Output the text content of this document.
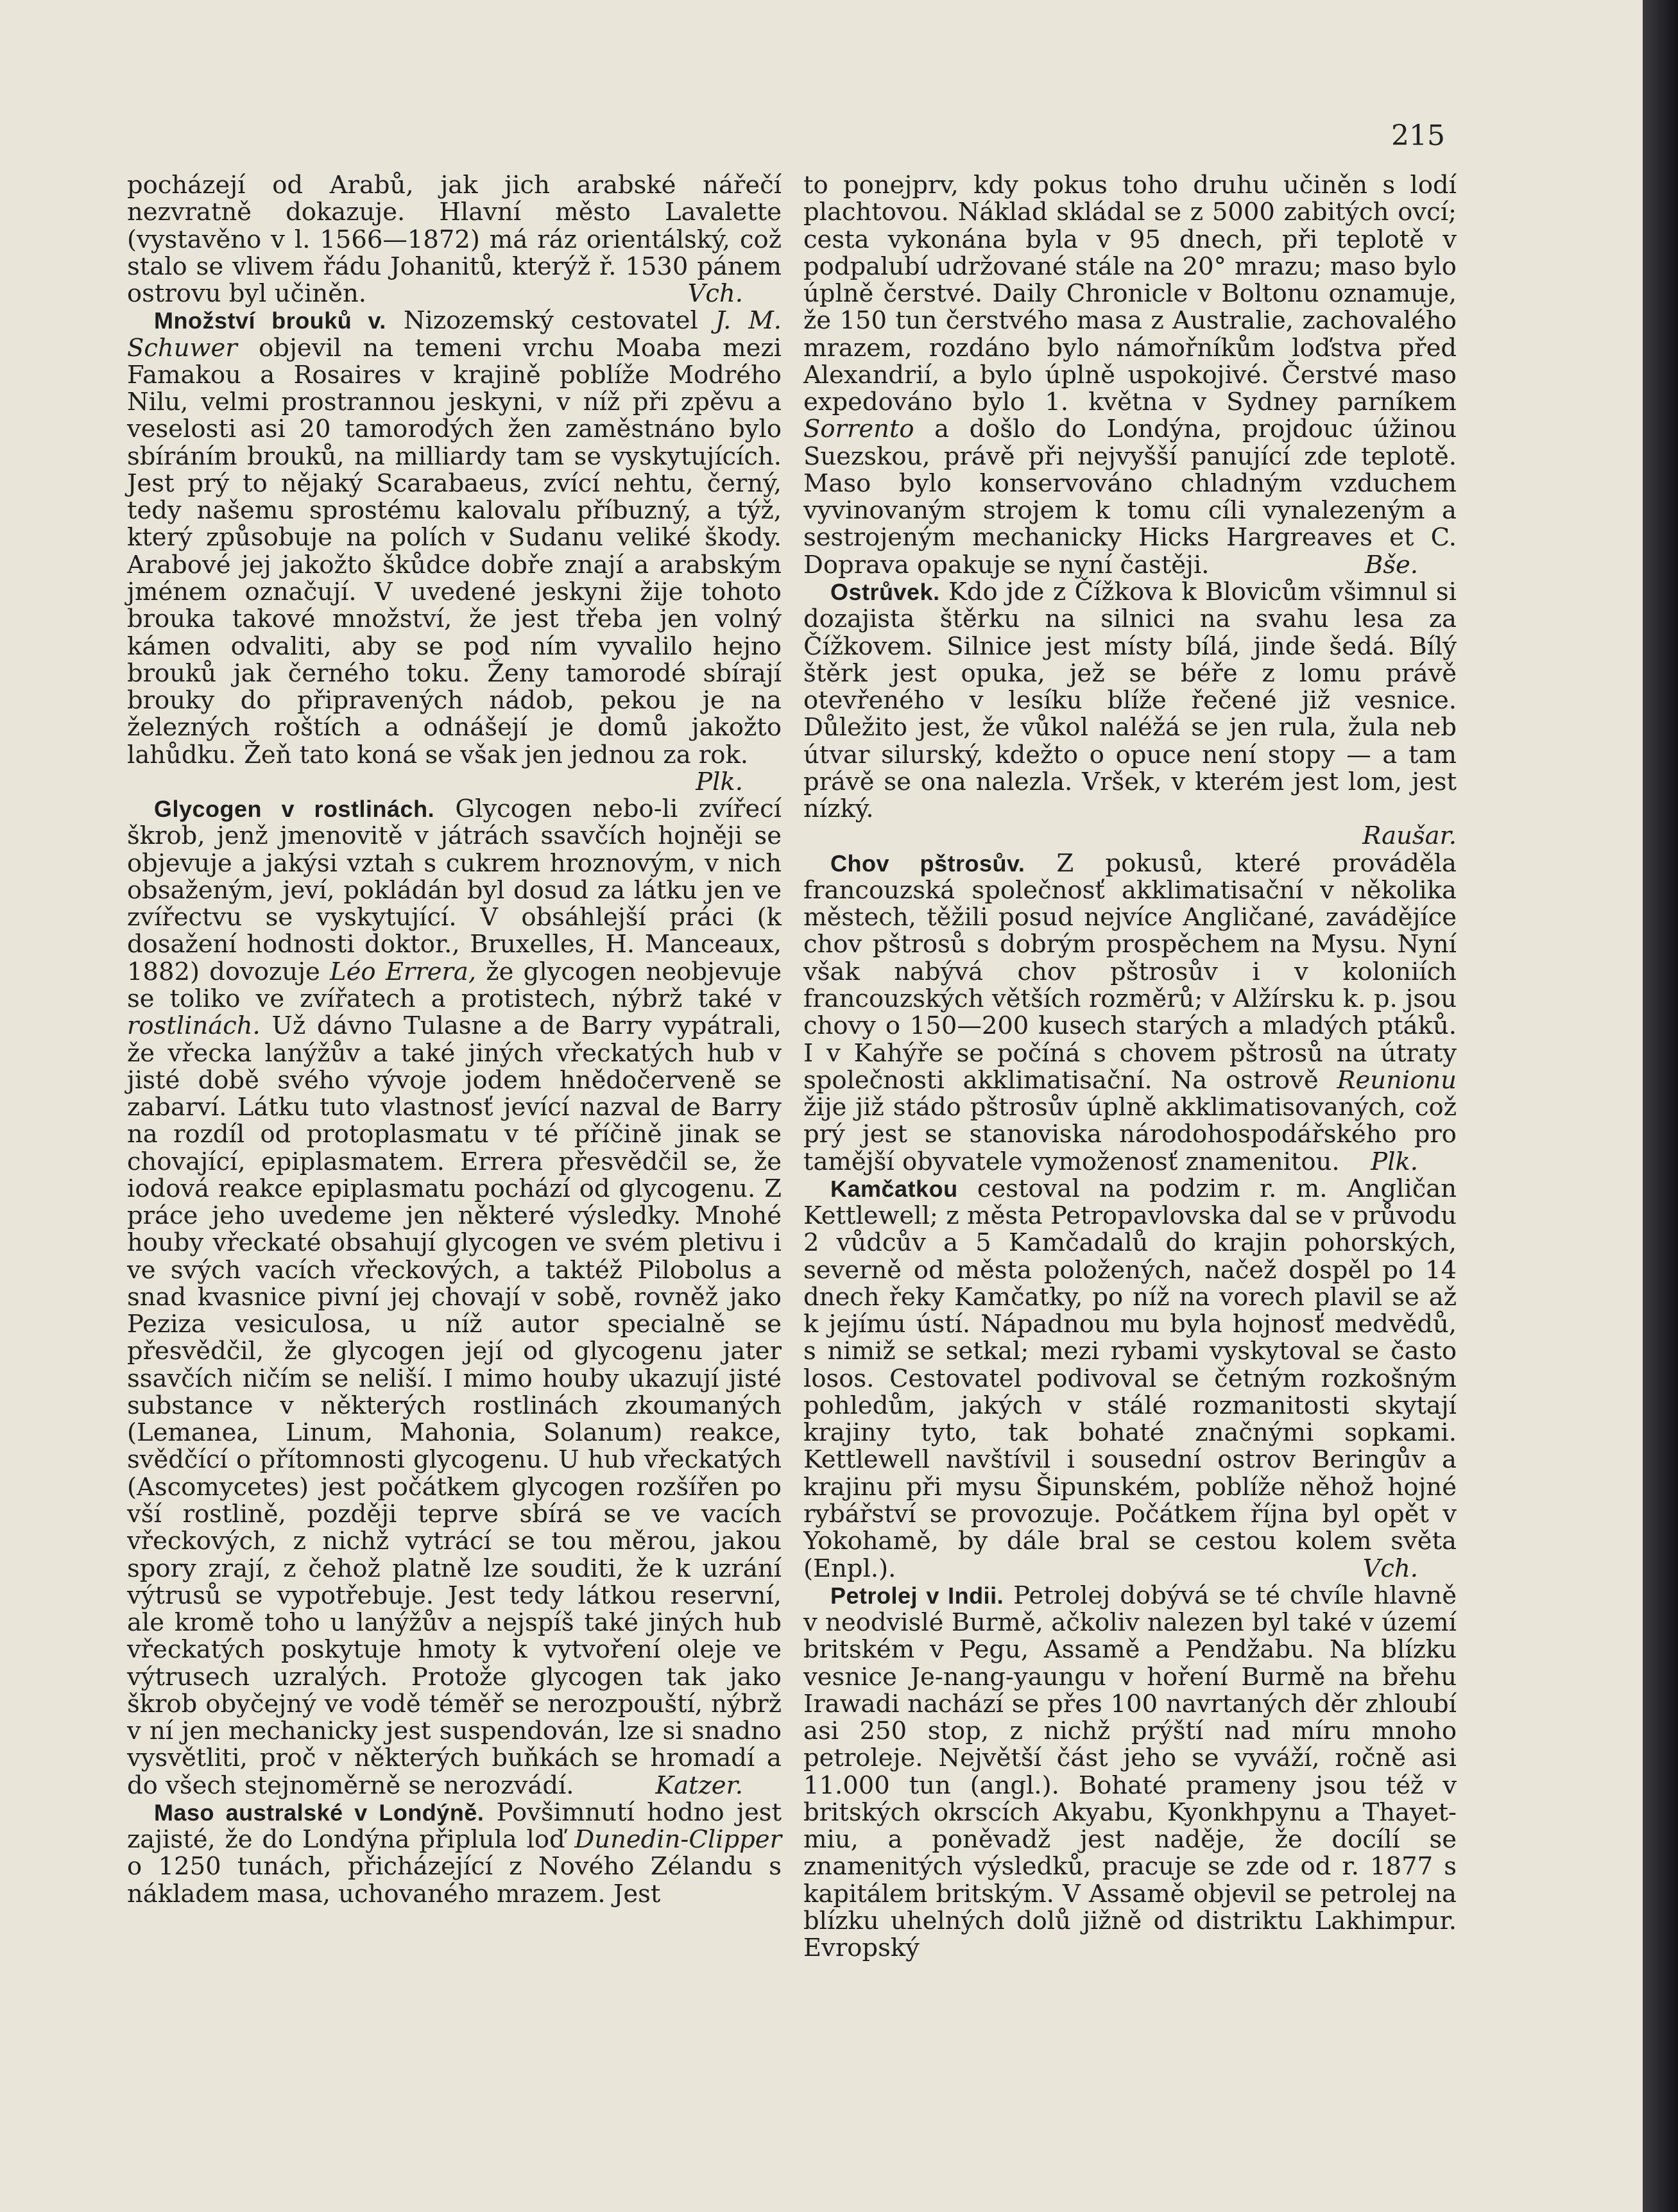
215

pocházejí od Arabů, jak jich arabské nářečí nezvratně dokazuje. Hlavní město Lavalette (vystavěno v l. 1566—1872) má ráz orientálský, což stalo se vlivem řádu Johanitů, kterýž ř. 1530 pánem ostrovu byl učiněn.	Vch.

Množství brouků v. Nizozemský cestovatel J. M. Schuwer objevil na temeni vrchu Moaba mezi Famakou a Rosaires v krajině poblíže Modrého Nilu, velmi prostrannou jeskyni, v níž při zpěvu a veselosti asi 20 tamorodých žen zaměstnáno bylo sbíráním brouků, na milliardy tam se vyskytujících. Jest prý to nějaký Scarabaeus, zvící nehtu, černý, tedy našemu sprostému kalovalu příbuzný, a týž, který způsobuje na polích v Sudanu veliké škody. Arabové jej jakožto škůdce dobře znají a arabským jménem označují. V uvedené jeskyni žije tohoto brouka takové množství, že jest třeba jen volný kámen odvaliti, aby se pod ním vyvalilo hejno brouků jak černého toku. Ženy tamorodé sbírají brouky do připravených nádob, pekou je na železných roštích a odnášejí je domů jakožto lahůdku. Žeň tato koná se však jen jednou za rok.
Plk.

Glycogen v rostlinách. Glycogen nebo-li zvířecí škrob, jenž jmenovitě v játrách ssavčích hojněji se objevuje a jakýsi vztah s cukrem hroznovým, v nich obsaženým, jeví, pokládán byl dosud za látku jen ve zvířectvu se vyskytující. V obsáhlejší práci (k dosažení hodnosti doktor., Bruxelles, H. Manceaux, 1882) dovozuje Léo Errera, že glycogen neobjevuje se toliko ve zvířatech a protistech, nýbrž také v rostlinách. Už dávno Tulasne a de Barry vypátrali, že vřecka lanýžův a také jiných vřeckatých hub v jisté době svého vývoje jodem hnědočerveně se zabarví. Látku tuto vlastnosť jevící nazval de Barry na rozdíl od protoplasmatu v té příčině jinak se chovající, epiplasmatem. Errera přesvědčil se, že iodová reakce epiplasmatu pochází od glycogenu. Z práce jeho uvedeme jen některé výsledky. Mnohé houby vřeckaté obsahují glycogen ve svém pletivu i ve svých vacích vřeckových, a taktéž Pilobolus a snad kvasnice pivní jej chovají v sobě, rovněž jako Peziza vesiculosa, u níž autor specialně se přesvědčil, že glycogen její od glycogenu jater ssavčích ničím se neliší. I mimo houby ukazují jisté substance v některých rostlinách zkoumaných (Lemanea, Linum, Mahonia, Solanum) reakce, svědčící o přítomnosti glycogenu. U hub vřeckatých (Ascomycetes) jest počátkem glycogen rozšířen po vší rostlině, později teprve sbírá se ve vacích vřeckových, z nichž vytrácí se tou měrou, jakou spory zrají, z čehož platně lze souditi, že k uzrání výtrusů se vypotřebuje. Jest tedy látkou reservní, ale kromě toho u lanýžův a nejspíš také jiných hub vřeckatých poskytuje hmoty k vytvoření oleje ve výtrusech uzralých. Protože glycogen tak jako škrob obyčejný ve vodě téměř se nerozpouští, nýbrž v ní jen mechanicky jest suspendován, lze si snadno vysvětliti, proč v některých buňkách se hromadí a do všech stejnoměrně se nerozvádí.	Katzer.

Maso australské v Londýně. Povšimnutí hodno jest zajisté, že do Londýna připlula loď Dunedin-Clipper o 1250 tunách, přicházející z Nového Zélandu s nákladem masa, uchovaného mrazem. Jest

to ponejprv, kdy pokus toho druhu učiněn s lodí plachtovou. Náklad skládal se z 5000 zabitých ovcí; cesta vykonána byla v 95 dnech, při teplotě v podpalubí udržované stále na 20° mrazu; maso bylo úplně čerstvé. Daily Chronicle v Boltonu oznamuje, že 150 tun čerstvého masa z Australie, zachovalého mrazem, rozdáno bylo námořníkům loďstva před Alexandrií, a bylo úplně uspokojivé. Čerstvé maso expedováno bylo 1. května v Sydney parníkem Sorrento a došlo do Londýna, projdouc úžinou Suezskou, právě při nejvyšší panující zde teplotě. Maso bylo konservováno chladným vzduchem vyvinovaným strojem k tomu cíli vynalezeným a sestrojeným mechanicky Hicks Hargreaves et C. Doprava opakuje se nyní častěji.	Bše.

Ostrůvek. Kdo jde z Čížkova k Blovicům všimnul si dozajista štěrku na silnici na svahu lesa za Čížkovem. Silnice jest místy bílá, jinde šedá. Bílý štěrk jest opuka, jež se béře z lomu právě otevřeného v lesíku blíže řečené již vesnice. Důležito jest, že vůkol naléžá se jen rula, žula neb útvar silurský, kdežto o opuce není stopy — a tam právě se ona nalezla. Vršek, v kterém jest lom, jest nízký.
Raušar.

Chov pštrosův. Z pokusů, které prováděla francouzská společnosť akklimatisační v několika městech, těžili posud nejvíce Angličané, zavádějíce chov pštrosů s dobrým prospěchem na Mysu. Nyní však nabývá chov pštrosův i v koloniích francouzských větších rozměrů; v Alžírsku k. p. jsou chovy o 150—200 kusech starých a mladých ptáků. I v Kahýře se počíná s chovem pštrosů na útraty společnosti akklimatisační. Na ostrově Reunionu žije již stádo pštrosův úplně akklimatisovaných, což prý jest se stanoviska národohospodářského pro tamější obyvatele vymoženosť znamenitou.	Plk.

Kamčatkou cestoval na podzim r. m. Angličan Kettlewell; z města Petropavlovska dal se v průvodu 2 vůdcův a 5 Kamčadalů do krajin pohorských, severně od města položených, načež dospěl po 14 dnech řeky Kamčatky, po níž na vorech plavil se až k jejímu ústí. Nápadnou mu byla hojnosť medvědů, s nimiž se setkal; mezi rybami vyskytoval se často losos. Cestovatel podivoval se četným rozkošným pohledům, jakých v stálé rozmanitosti skytají krajiny tyto, tak bohaté značnými sopkami. Kettlewell navštívil i sousední ostrov Beringův a krajinu při mysu Šipunském, poblíže něhož hojné rybářství se provozuje. Počátkem října byl opět v Yokohamě, by dále bral se cestou kolem světa (Enpl.).	Vch.

Petrolej v Indii. Petrolej dobývá se té chvíle hlavně v neodvislé Burmě, ačkoliv nalezen byl také v území britském v Pegu, Assamě a Pendžabu. Na blízku vesnice Je-nang-yaungu v hoření Burmě na břehu Irawadi nachází se přes 100 navrtaných děr zhloubí asi 250 stop, z nichž prýští nad míru mnoho petroleje. Největší část jeho se vyváží, ročně asi 11.000 tun (angl.). Bohaté prameny jsou též v britských okrscích Akyabu, Kyonkhpynu a Thayet-miu, a poněvadž jest naděje, že docílí se znamenitých výsledků, pracuje se zde od r. 1877 s kapitálem britským. V Assamě objevil se petrolej na blízku uhelných dolů jižně od distriktu Lakhimpur. Evropský
